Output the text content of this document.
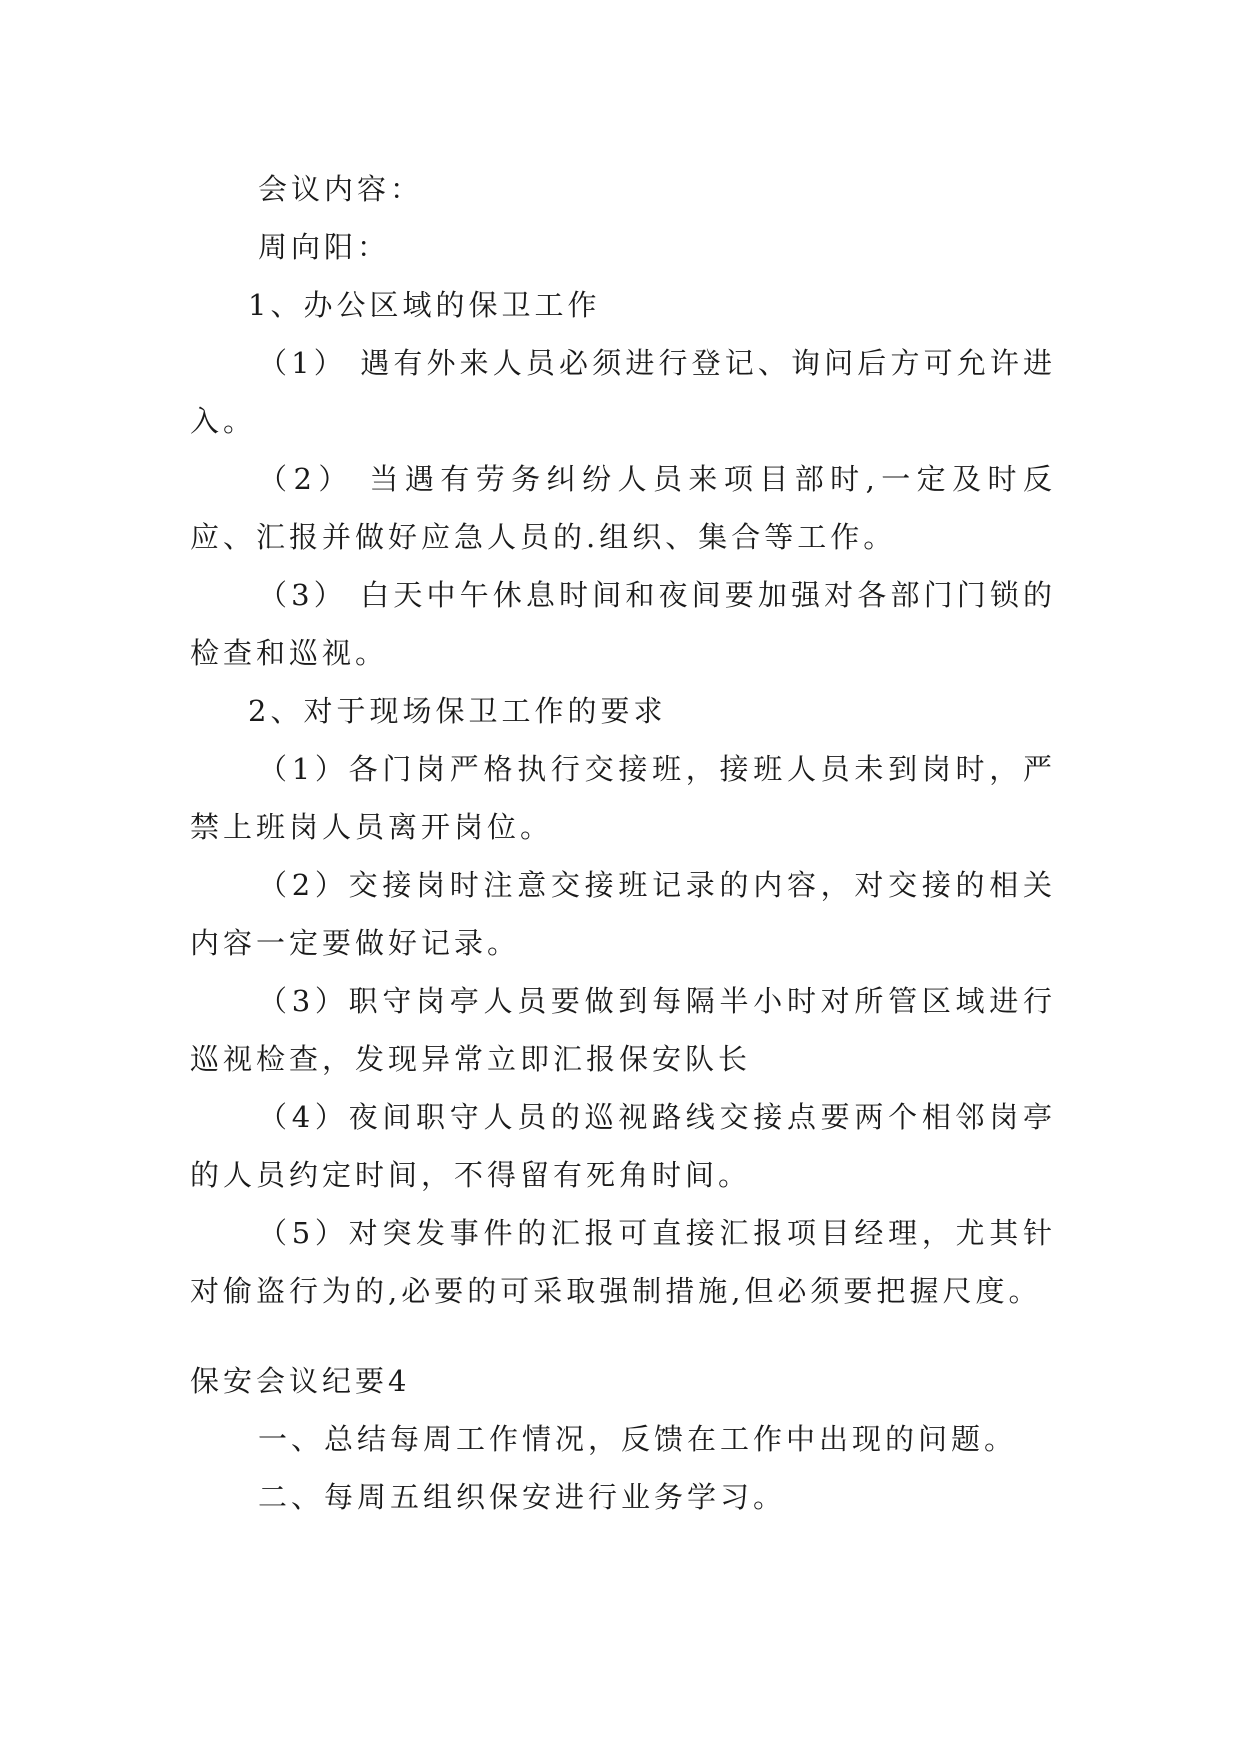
会议内容：

周向阳：

1、办公区域的保卫工作

（1） 遇有外来人员必须进行登记、询问后方可允许进入。

（2） 当遇有劳务纠纷人员来项目部时,一定及时反应、汇报并做好应急人员的.组织、集合等工作。

（3） 白天中午休息时间和夜间要加强对各部门门锁的检查和巡视。

2、对于现场保卫工作的要求

（1）各门岗严格执行交接班，接班人员未到岗时，严禁上班岗人员离开岗位。

（2）交接岗时注意交接班记录的内容，对交接的相关内容一定要做好记录。

（3）职守岗亭人员要做到每隔半小时对所管区域进行巡视检查，发现异常立即汇报保安队长

（4）夜间职守人员的巡视路线交接点要两个相邻岗亭的人员约定时间，不得留有死角时间。

（5）对突发事件的汇报可直接汇报项目经理，尤其针对偷盗行为的,必要的可采取强制措施,但必须要把握尺度。

保安会议纪要4

一、总结每周工作情况，反馈在工作中出现的问题。

二、每周五组织保安进行业务学习。
